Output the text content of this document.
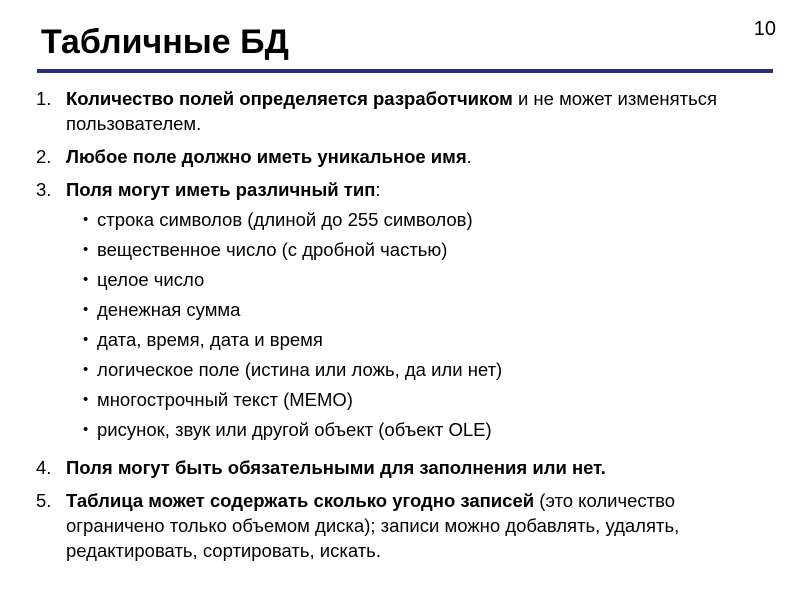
Табличные БД	10
1. Количество полей определяется разработчиком и не может изменяться пользователем.
2. Любое поле должно иметь уникальное имя.
3. Поля могут иметь различный тип:
• строка символов (длиной до 255 символов)
• вещественное число (с дробной частью)
• целое число
• денежная сумма
• дата, время, дата и время
• логическое поле (истина или ложь, да или нет)
• многострочный текст (МЕМО)
• рисунок, звук или другой объект (объект OLE)
4. Поля могут быть обязательными для заполнения или нет.
5. Таблица может содержать сколько угодно записей (это количество ограничено только объемом диска); записи можно добавлять, удалять, редактировать, сортировать, искать.
